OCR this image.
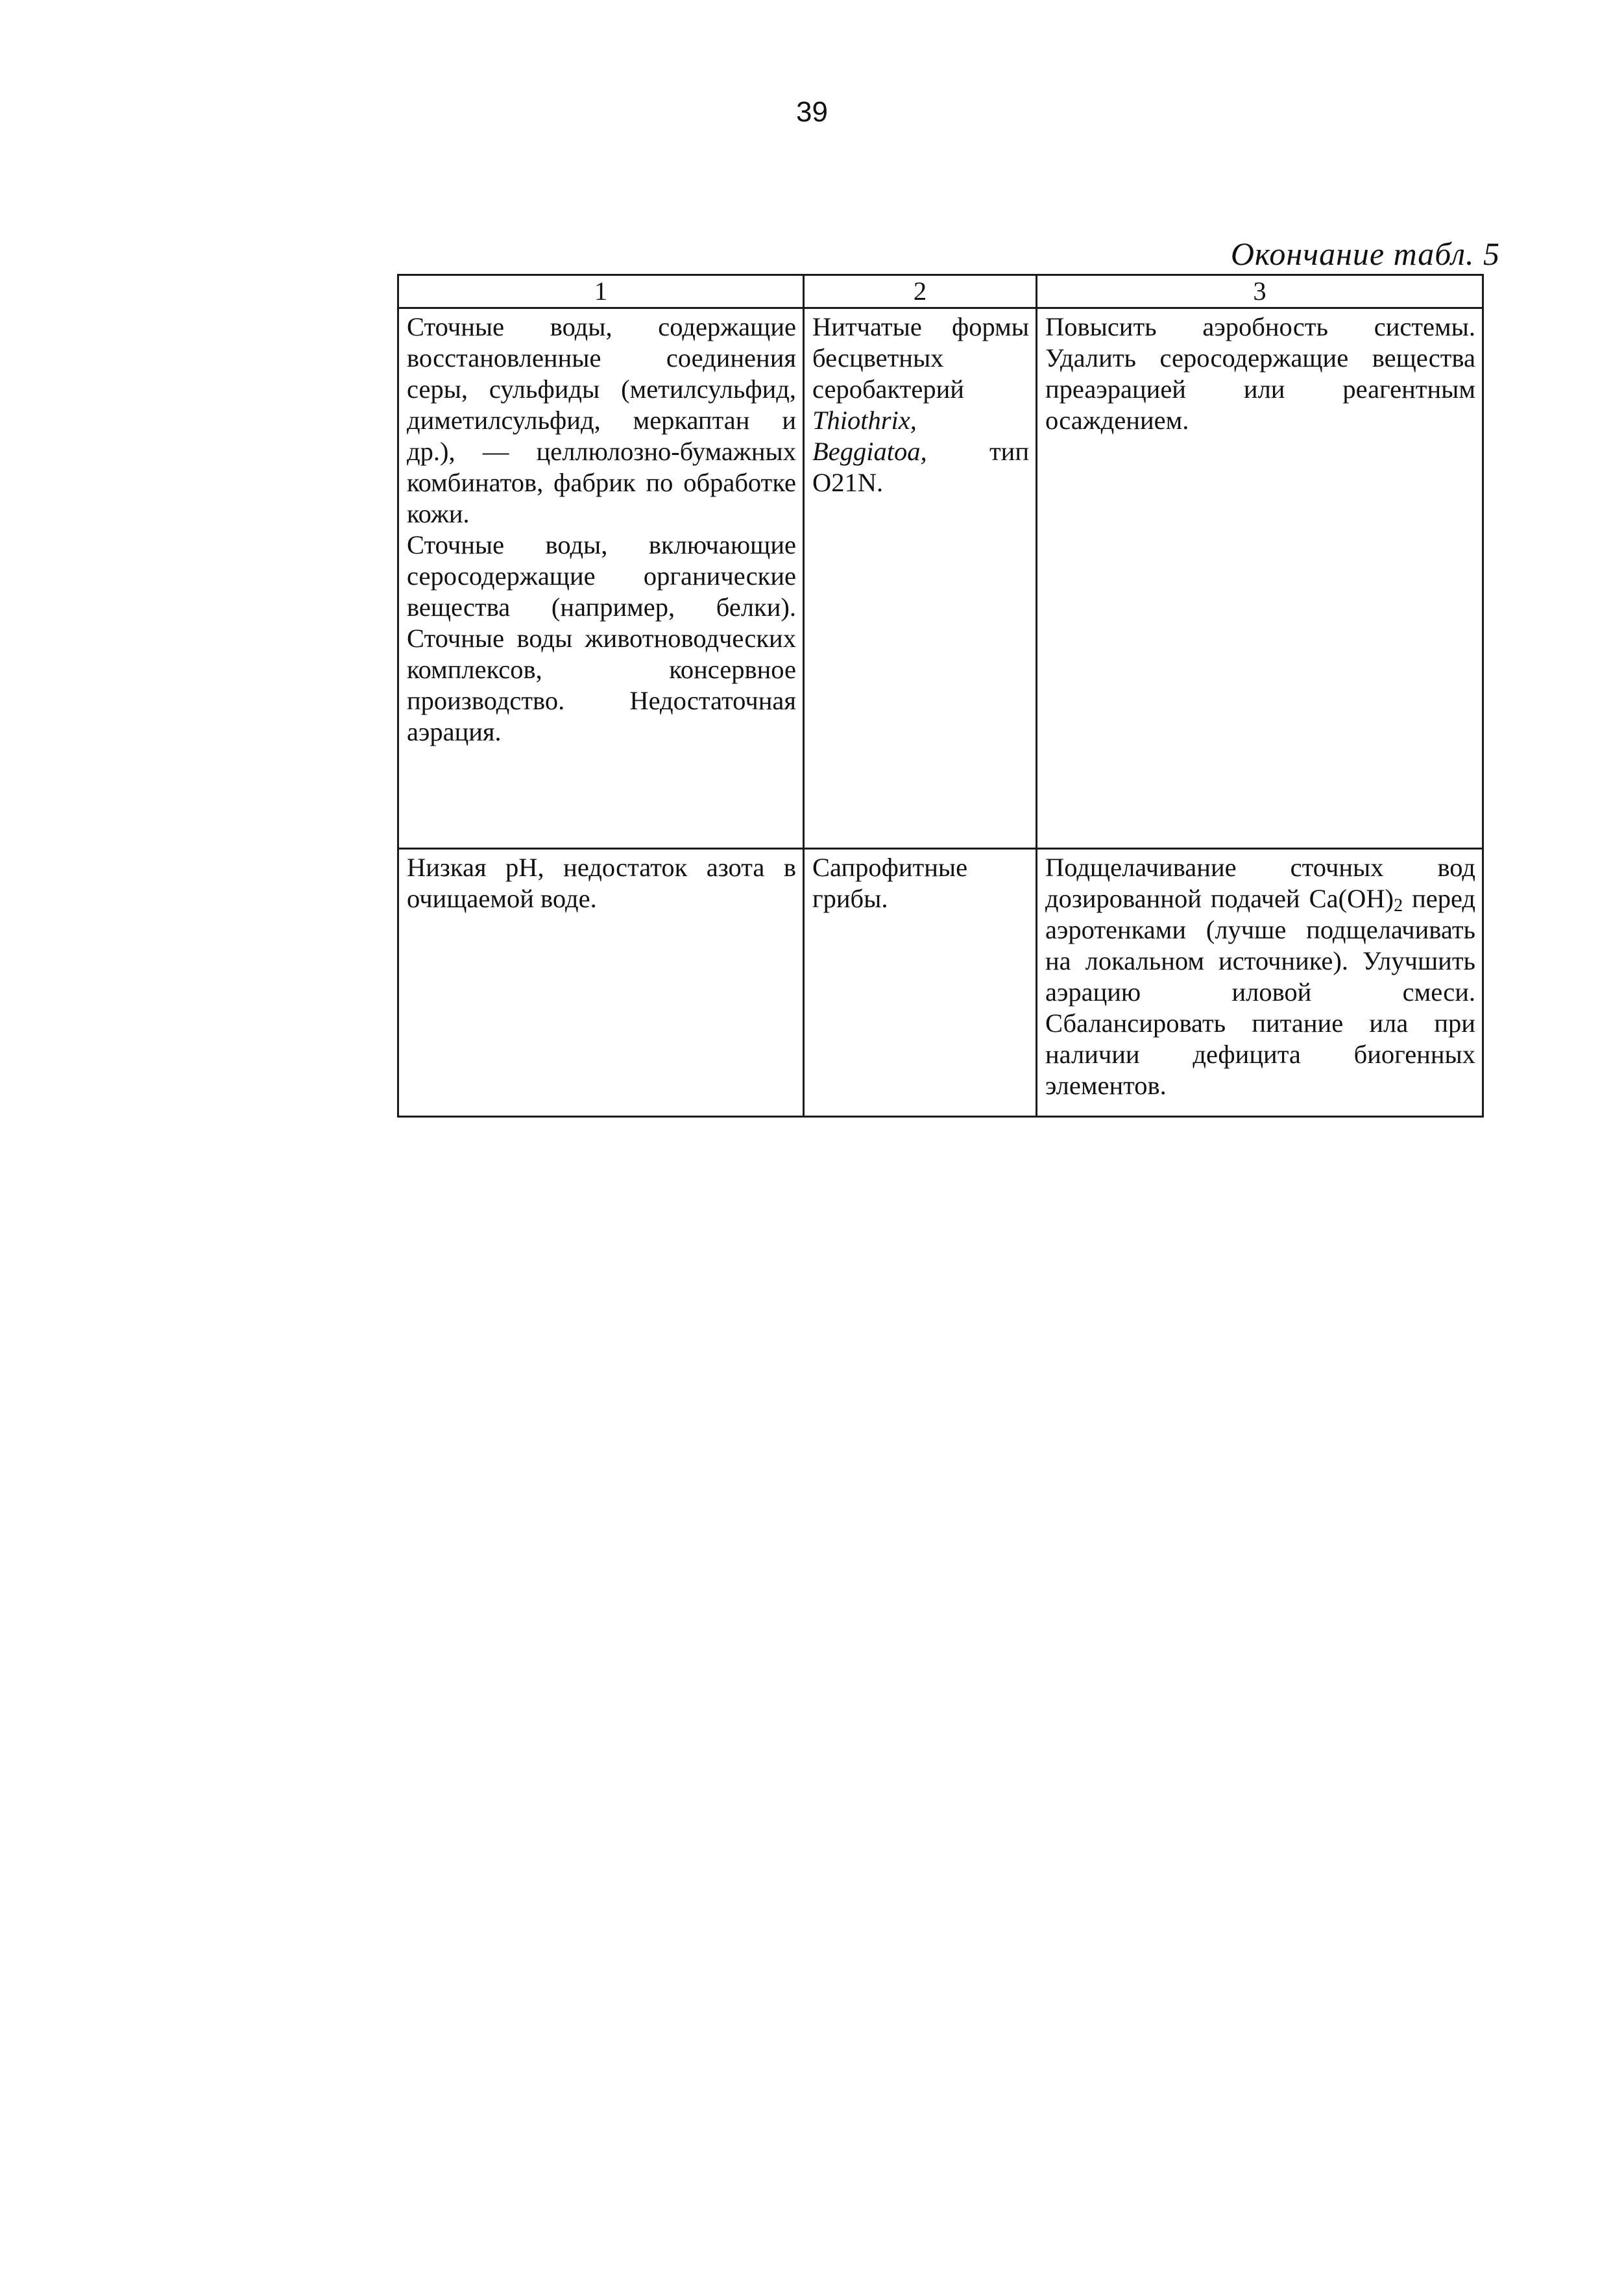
39
Окончание табл. 5
1	2	3

Сточные воды, содержащие восстановленные соединения серы, сульфиды (метилсульфид, диметилсульфид, меркаптан и др.), — целлюлозно-бумажных комбинатов, фабрик по обработке кожи.
Сточные воды, включающие серосодержащие органические вещества (например, белки). Сточные воды животноводческих комплексов, консервное производство. Недостаточная аэрация.	Нитчатые формы бесцветных серобактерий Thiothrix, Beggiatoa, тип O21N.	Повысить аэробность системы. Удалить серосодержащие вещества преаэрацией или реагентным осаждением.
Низкая pH, недостаток азота в очищаемой воде.	Сапрофитные грибы.	Подщелачивание сточных вод дозированной подачей $Ca(OH)_2$ перед аэротенками (лучше подщелачивать на локальном источнике). Улучшить аэрацию иловой смеси. Сбалансировать питание ила при наличии дефицита биогенных элементов.
